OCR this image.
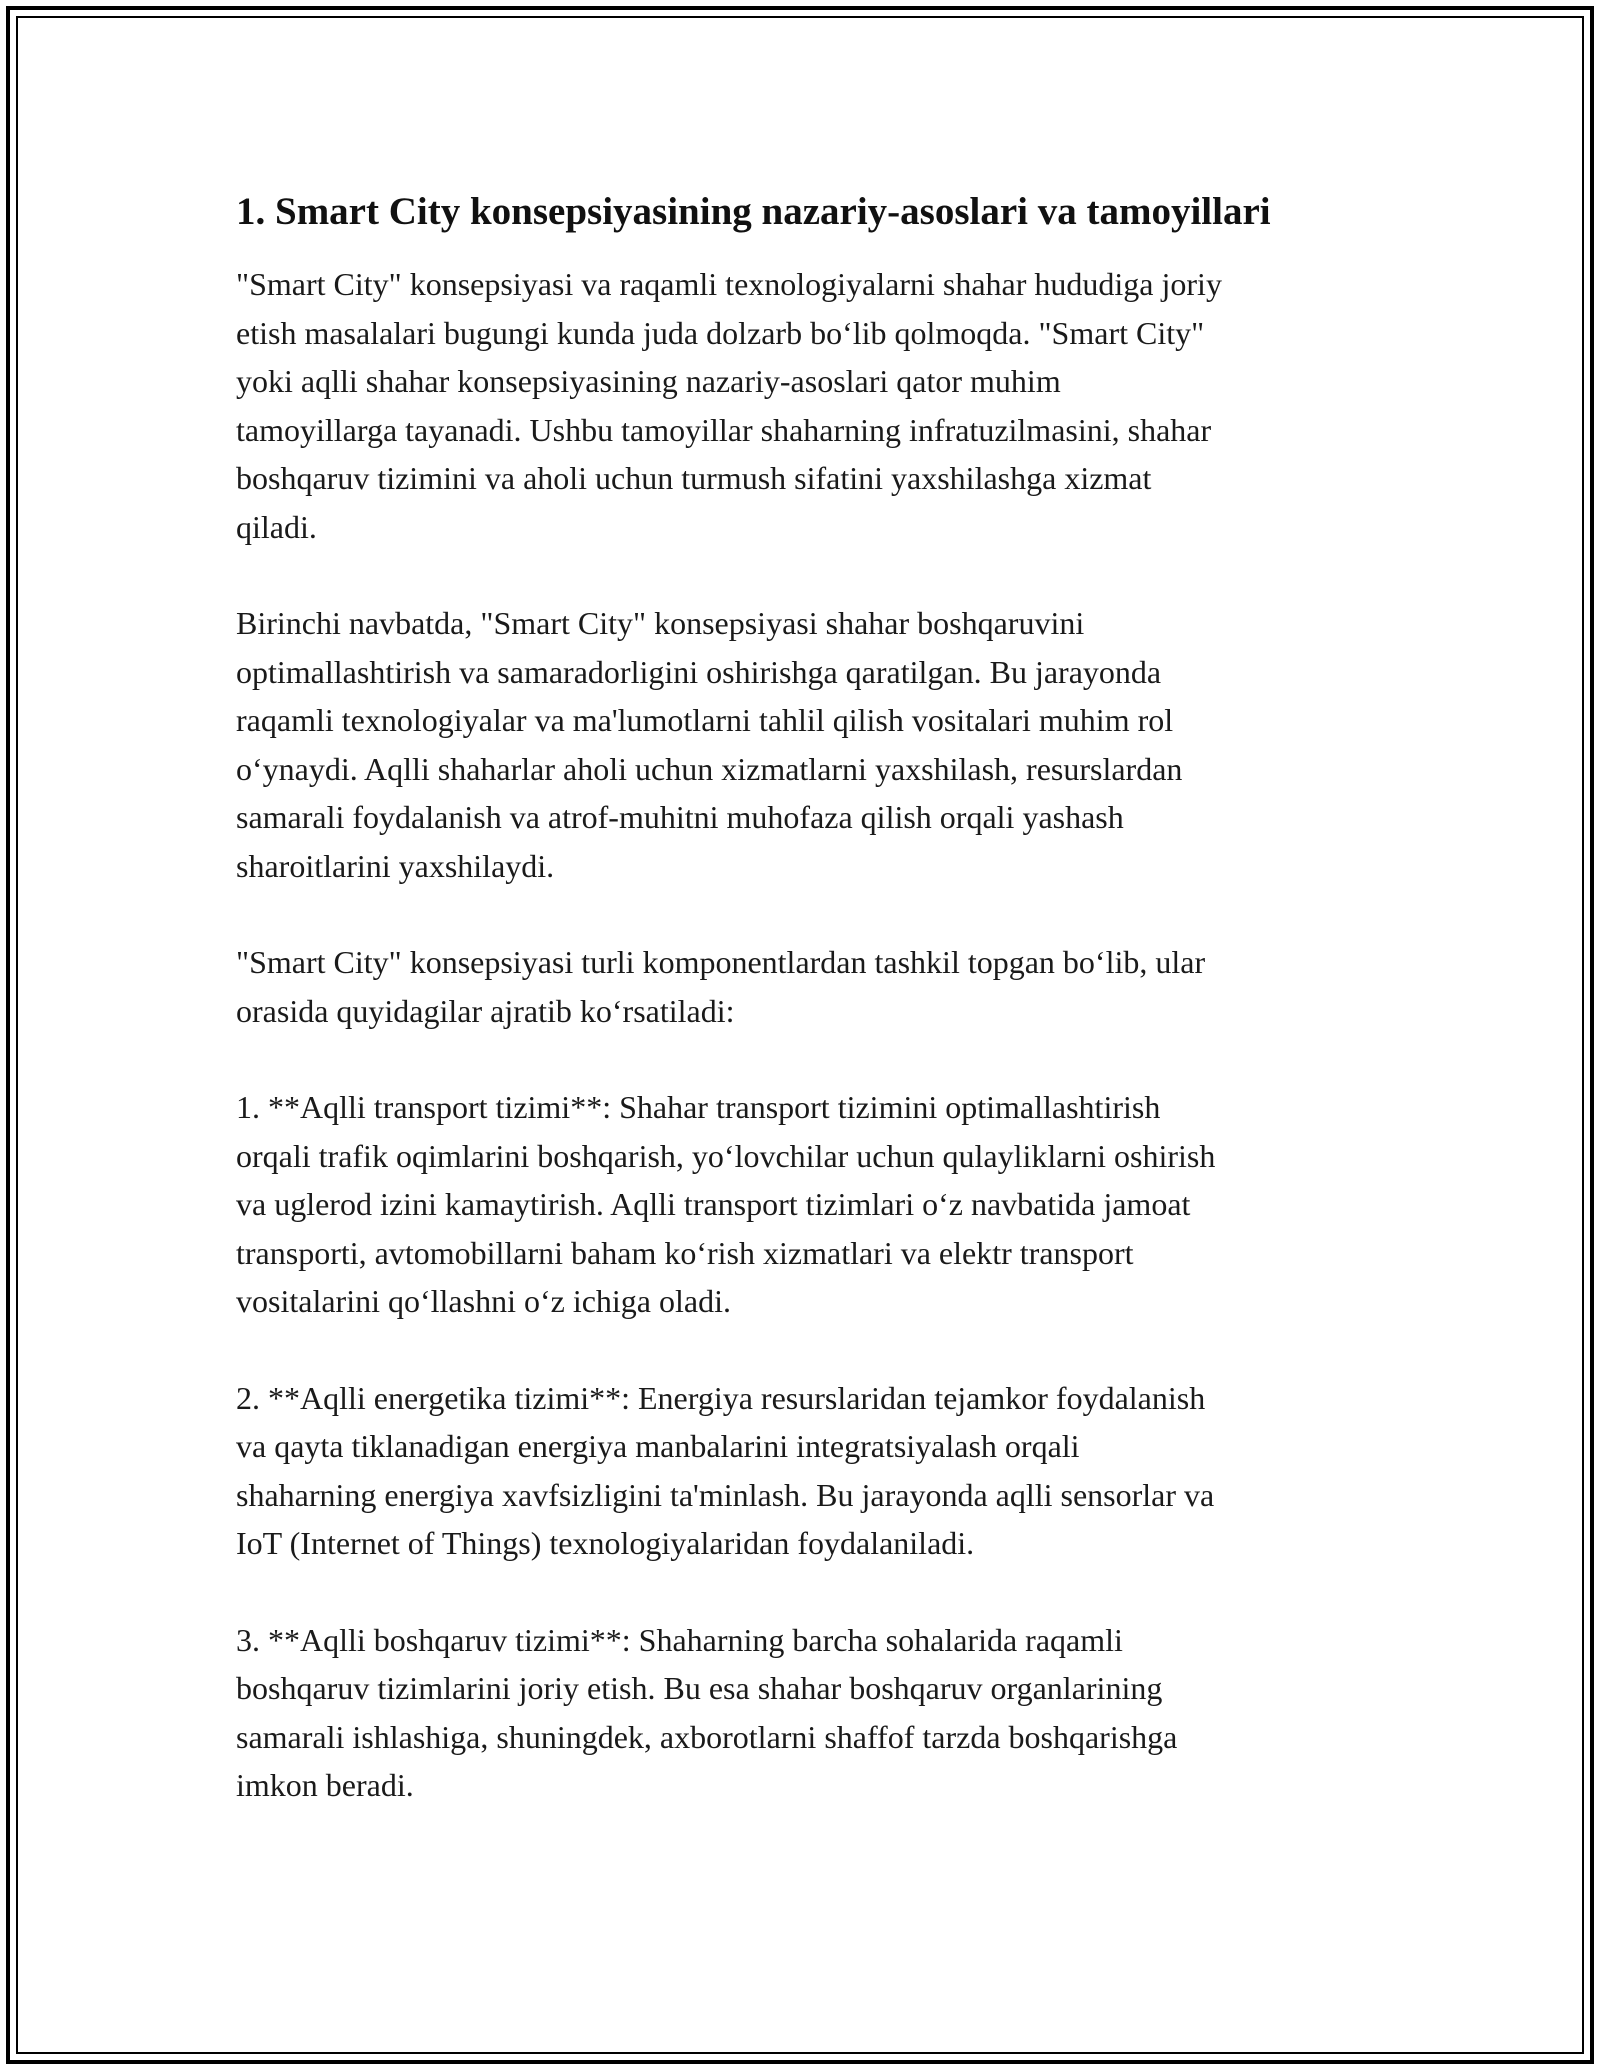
1. Smart City konsepsiyasining nazariy-asoslari va tamoyillari

"Smart City" konsepsiyasi va raqamli texnologiyalarni shahar hududiga joriy
etish masalalari bugungi kunda juda dolzarb bo‘lib qolmoqda. "Smart City"
yoki aqlli shahar konsepsiyasining nazariy-asoslari qator muhim
tamoyillarga tayanadi. Ushbu tamoyillar shaharning infratuzilmasini, shahar
boshqaruv tizimini va aholi uchun turmush sifatini yaxshilashga xizmat
qiladi.

Birinchi navbatda, "Smart City" konsepsiyasi shahar boshqaruvini
optimallashtirish va samaradorligini oshirishga qaratilgan. Bu jarayonda
raqamli texnologiyalar va ma'lumotlarni tahlil qilish vositalari muhim rol
o‘ynaydi. Aqlli shaharlar aholi uchun xizmatlarni yaxshilash, resurslardan
samarali foydalanish va atrof-muhitni muhofaza qilish orqali yashash
sharoitlarini yaxshilaydi.

"Smart City" konsepsiyasi turli komponentlardan tashkil topgan bo‘lib, ular
orasida quyidagilar ajratib ko‘rsatiladi:

1. **Aqlli transport tizimi**: Shahar transport tizimini optimallashtirish
orqali trafik oqimlarini boshqarish, yo‘lovchilar uchun qulayliklarni oshirish
va uglerod izini kamaytirish. Aqlli transport tizimlari o‘z navbatida jamoat
transporti, avtomobillarni baham ko‘rish xizmatlari va elektr transport
vositalarini qo‘llashni o‘z ichiga oladi.

2. **Aqlli energetika tizimi**: Energiya resurslaridan tejamkor foydalanish
va qayta tiklanadigan energiya manbalarini integratsiyalash orqali
shaharning energiya xavfsizligini ta'minlash. Bu jarayonda aqlli sensorlar va
IoT (Internet of Things) texnologiyalaridan foydalaniladi.

3. **Aqlli boshqaruv tizimi**: Shaharning barcha sohalarida raqamli
boshqaruv tizimlarini joriy etish. Bu esa shahar boshqaruv organlarining
samarali ishlashiga, shuningdek, axborotlarni shaffof tarzda boshqarishga
imkon beradi.
